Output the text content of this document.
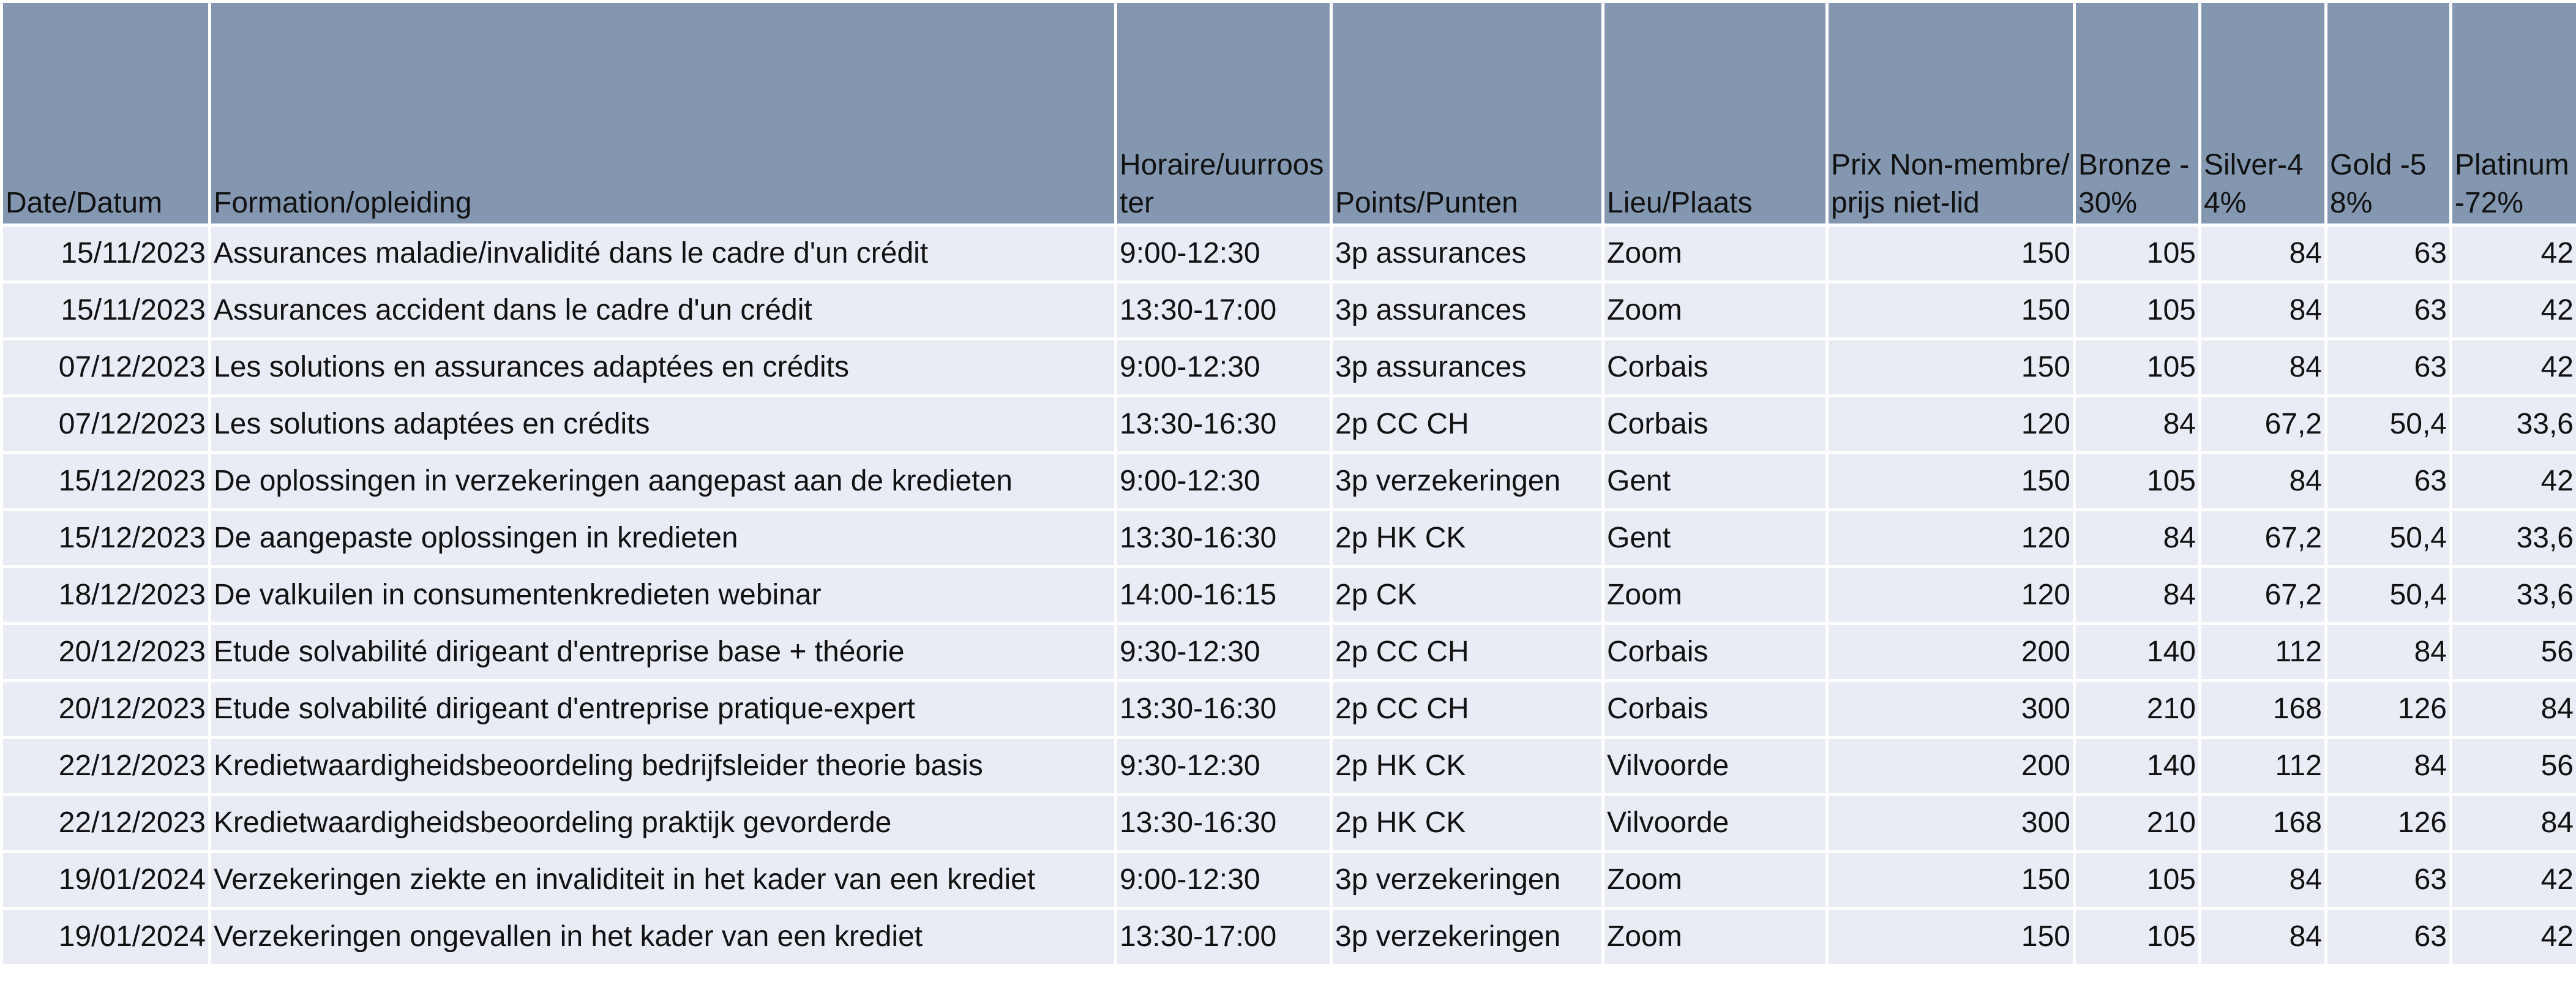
Date/Datum	Formation/opleiding	Horaire/uurrooster	Points/Punten	Lieu/Plaats	Prix Non-membre/ prijs niet-lid	Bronze -30%	Silver-44%	Gold -58%	Platinum -72%
15/11/2023	Assurances maladie/invalidité dans le cadre d'un crédit	9:00-12:30	3p assurances	Zoom	150	105	84	63	42
15/11/2023	Assurances accident dans le cadre d'un crédit	13:30-17:00	3p assurances	Zoom	150	105	84	63	42
07/12/2023	Les solutions en assurances adaptées en crédits	9:00-12:30	3p assurances	Corbais	150	105	84	63	42
07/12/2023	Les solutions adaptées en crédits	13:30-16:30	2p CC CH	Corbais	120	84	67,2	50,4	33,6
15/12/2023	De oplossingen in verzekeringen aangepast aan de kredieten	9:00-12:30	3p verzekeringen	Gent	150	105	84	63	42
15/12/2023	De aangepaste oplossingen in kredieten	13:30-16:30	2p HK CK	Gent	120	84	67,2	50,4	33,6
18/12/2023	De valkuilen in consumentenkredieten webinar	14:00-16:15	2p CK	Zoom	120	84	67,2	50,4	33,6
20/12/2023	Etude solvabilité dirigeant d'entreprise base + théorie	9:30-12:30	2p CC CH	Corbais	200	140	112	84	56
20/12/2023	Etude solvabilité dirigeant d'entreprise pratique-expert	13:30-16:30	2p CC CH	Corbais	300	210	168	126	84
22/12/2023	Kredietwaardigheidsbeoordeling bedrijfsleider theorie basis	9:30-12:30	2p HK CK	Vilvoorde	200	140	112	84	56
22/12/2023	Kredietwaardigheidsbeoordeling praktijk gevorderde	13:30-16:30	2p HK CK	Vilvoorde	300	210	168	126	84
19/01/2024	Verzekeringen ziekte en invaliditeit in het kader van een krediet	9:00-12:30	3p verzekeringen	Zoom	150	105	84	63	42
19/01/2024	Verzekeringen ongevallen in het kader van een krediet	13:30-17:00	3p verzekeringen	Zoom	150	105	84	63	42
